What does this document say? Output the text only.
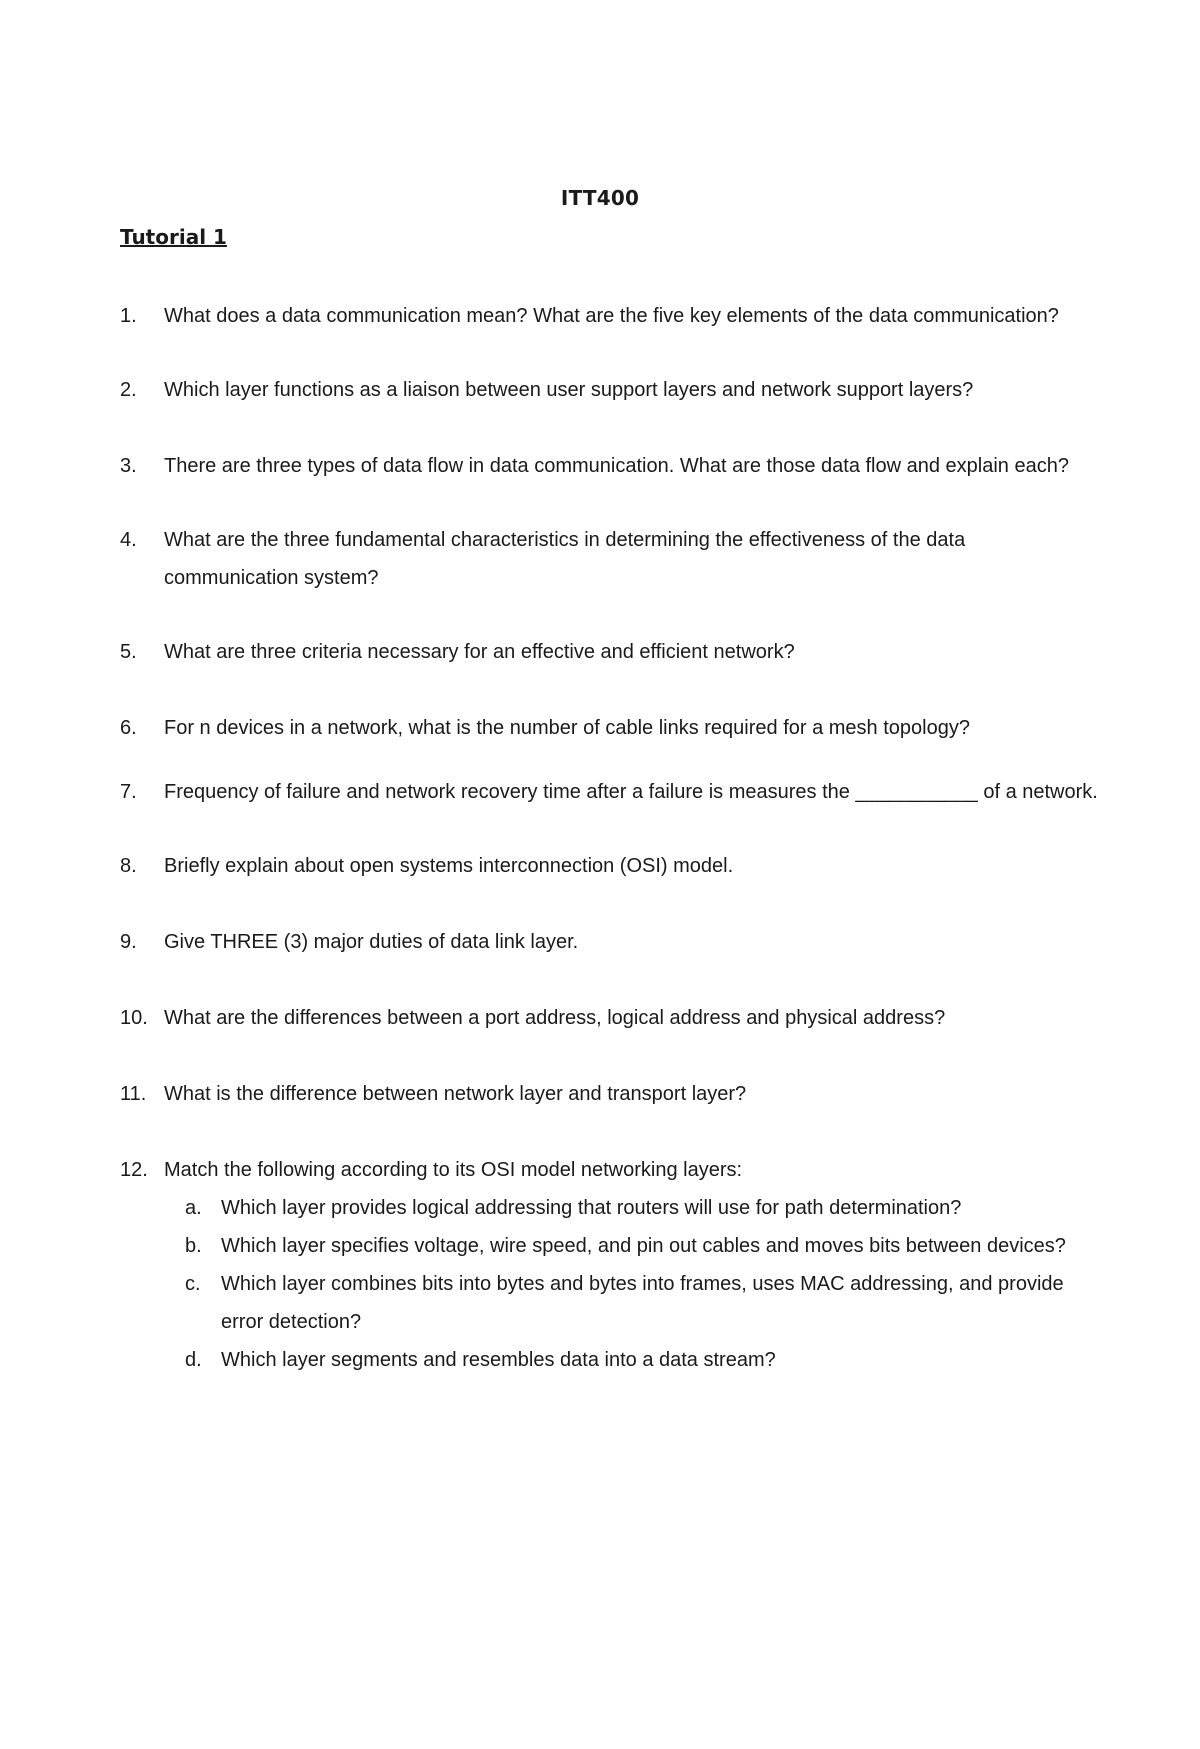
ITT400
Tutorial 1
1.	What does a data communication mean? What are the five key elements of the data communication?
2.	Which layer functions as a liaison between user support layers and network support layers?
3.	There are three types of data flow in data communication. What are those data flow and explain each?
4.	What are the three fundamental characteristics in determining the effectiveness of the data communication system?
5.	What are three criteria necessary for an effective and efficient network?
6.	For n devices in a network, what is the number of cable links required for a mesh topology?
7.	Frequency of failure and network recovery time after a failure is measures the ___________ of a network.
8.	Briefly explain about open systems interconnection (OSI) model.
9.	Give THREE (3) major duties of data link layer.
10. What are the differences between a port address, logical address and physical address?
11. What is the difference between network layer and transport layer?
12. Match the following according to its OSI model networking layers:
a. Which layer provides logical addressing that routers will use for path determination?
b. Which layer specifies voltage, wire speed, and pin out cables and moves bits between devices?
c. Which layer combines bits into bytes and bytes into frames, uses MAC addressing, and provide error detection?
d. Which layer segments and resembles data into a data stream?
